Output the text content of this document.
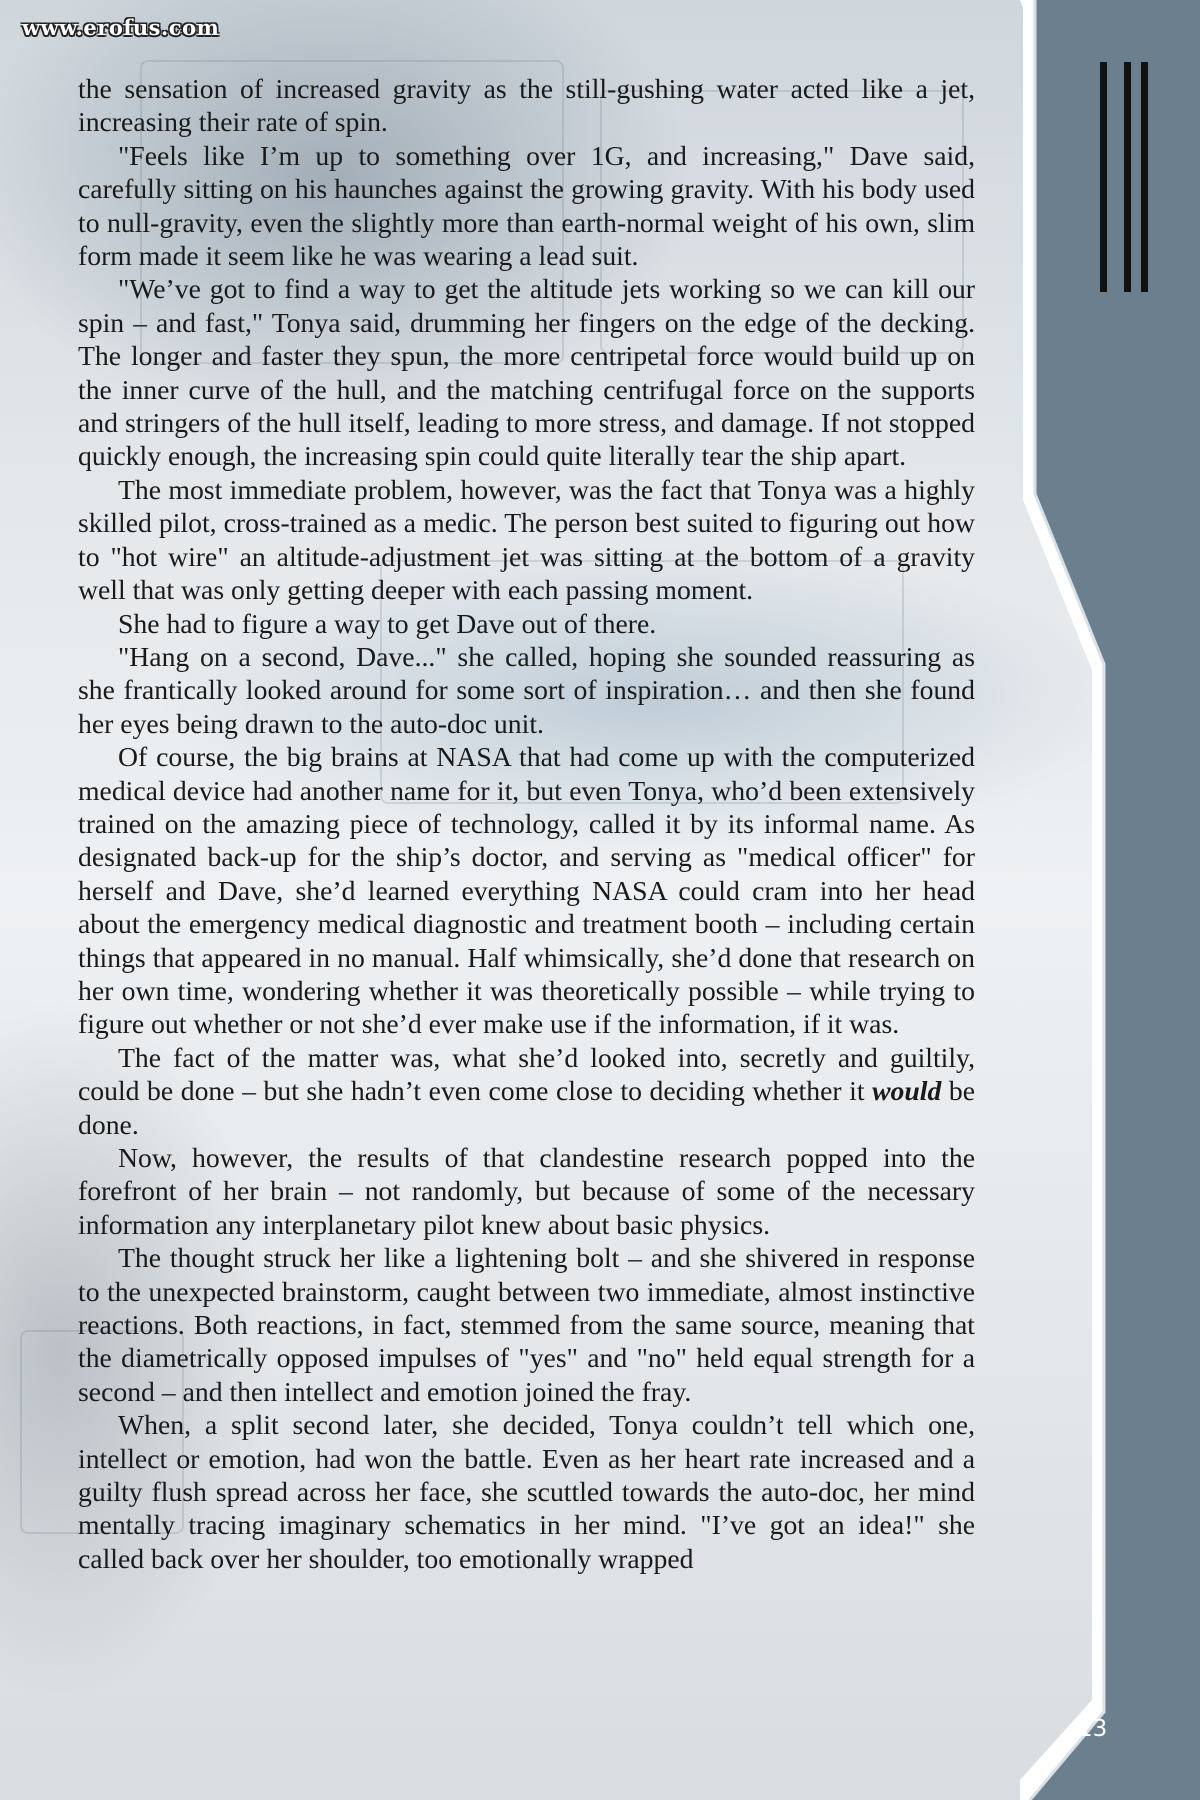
www.erofus.com

the sensation of increased gravity as the still-gushing water acted like a jet, increasing their rate of spin.

"Feels like I’m up to something over 1G, and increasing," Dave said, carefully sitting on his haunches against the growing gravity. With his body used to null-gravity, even the slightly more than earth-normal weight of his own, slim form made it seem like he was wearing a lead suit.

"We’ve got to find a way to get the altitude jets working so we can kill our spin – and fast," Tonya said, drumming her fingers on the edge of the decking. The longer and faster they spun, the more centripetal force would build up on the inner curve of the hull, and the matching centrifugal force on the supports and stringers of the hull itself, leading to more stress, and damage. If not stopped quickly enough, the increasing spin could quite literally tear the ship apart.

The most immediate problem, however, was the fact that Tonya was a highly skilled pilot, cross-trained as a medic. The person best suited to figuring out how to "hot wire" an altitude-adjustment jet was sitting at the bottom of a gravity well that was only getting deeper with each passing moment.

She had to figure a way to get Dave out of there.

"Hang on a second, Dave..." she called, hoping she sounded reassuring as she frantically looked around for some sort of inspiration… and then she found her eyes being drawn to the auto-doc unit.

Of course, the big brains at NASA that had come up with the computerized medical device had another name for it, but even Tonya, who’d been extensively trained on the amazing piece of technology, called it by its informal name. As designated back-up for the ship’s doctor, and serving as "medical officer" for herself and Dave, she’d learned everything NASA could cram into her head about the emergency medical diagnostic and treatment booth – including certain things that appeared in no manual. Half whimsically, she’d done that research on her own time, wondering whether it was theoretically possible – while trying to figure out whether or not she’d ever make use if the information, if it was.

The fact of the matter was, what she’d looked into, secretly and guiltily, could be done – but she hadn’t even come close to deciding whether it would be done.

Now, however, the results of that clandestine research popped into the forefront of her brain – not randomly, but because of some of the necessary information any interplanetary pilot knew about basic physics.

The thought struck her like a lightening bolt – and she shivered in response to the unexpected brainstorm, caught between two immediate, almost instinctive reactions. Both reactions, in fact, stemmed from the same source, meaning that the diametrically opposed impulses of "yes" and "no" held equal strength for a second – and then intellect and emotion joined the fray.

When, a split second later, she decided, Tonya couldn’t tell which one, intellect or emotion, had won the battle. Even as her heart rate increased and a guilty flush spread across her face, she scuttled towards the auto-doc, her mind mentally tracing imaginary schematics in her mind. "I’ve got an idea!" she called back over her shoulder, too emotionally wrapped

13
